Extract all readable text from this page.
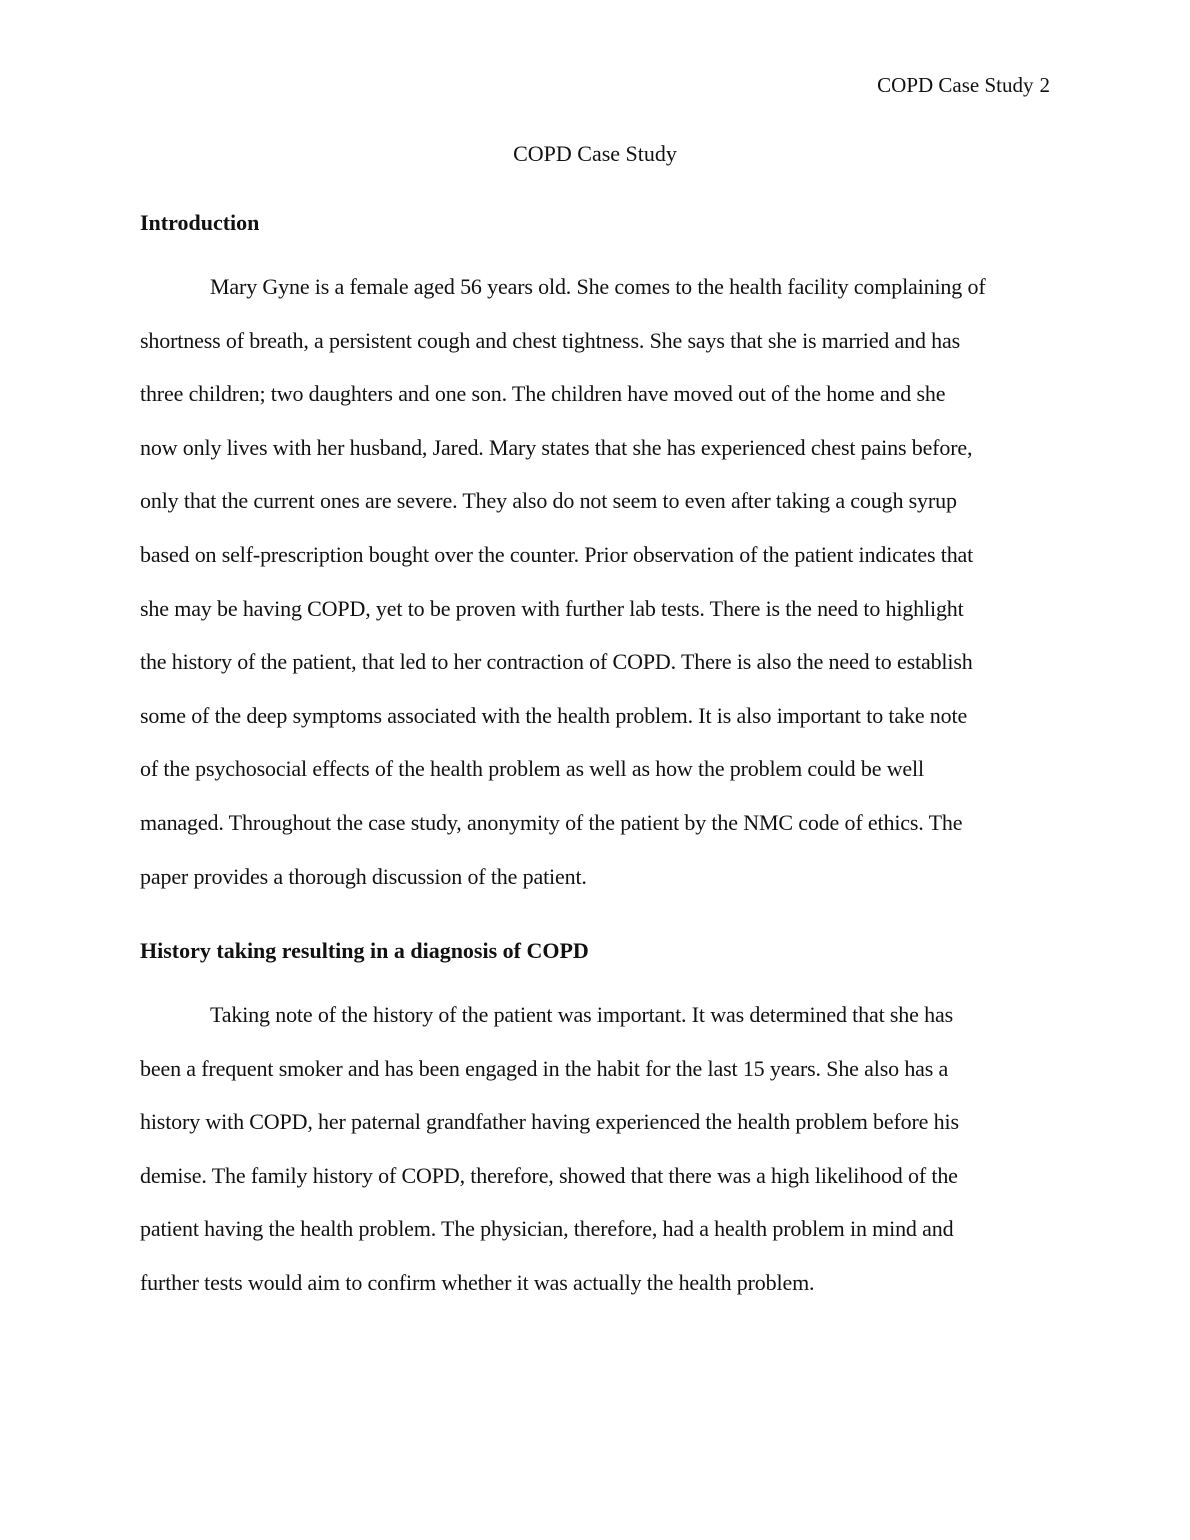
COPD Case Study 2
COPD Case Study
Introduction
Mary Gyne is a female aged 56 years old. She comes to the health facility complaining of
shortness of breath, a persistent cough and chest tightness. She says that she is married and has
three children; two daughters and one son. The children have moved out of the home and she
now only lives with her husband, Jared. Mary states that she has experienced chest pains before,
only that the current ones are severe. They also do not seem to even after taking a cough syrup
based on self-prescription bought over the counter. Prior observation of the patient indicates that
she may be having COPD, yet to be proven with further lab tests. There is the need to highlight
the history of the patient, that led to her contraction of COPD. There is also the need to establish
some of the deep symptoms associated with the health problem. It is also important to take note
of the psychosocial effects of the health problem as well as how the problem could be well
managed. Throughout the case study, anonymity of the patient by the NMC code of ethics. The
paper provides a thorough discussion of the patient.
History taking resulting in a diagnosis of COPD
Taking note of the history of the patient was important. It was determined that she has
been a frequent smoker and has been engaged in the habit for the last 15 years. She also has a
history with COPD, her paternal grandfather having experienced the health problem before his
demise. The family history of COPD, therefore, showed that there was a high likelihood of the
patient having the health problem. The physician, therefore, had a health problem in mind and
further tests would aim to confirm whether it was actually the health problem.
